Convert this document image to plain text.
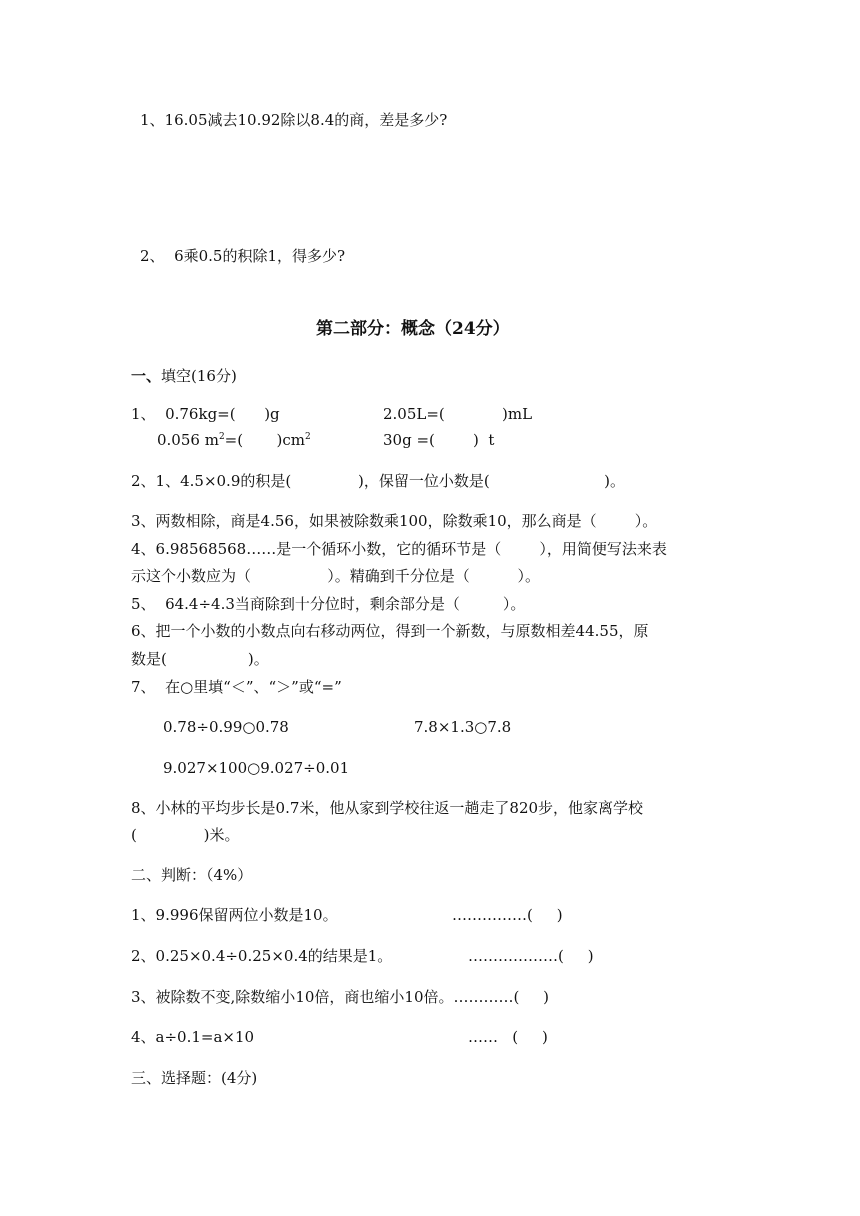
1、16.05减去10.92除以8.4的商，差是多少?
2、  6乘0.5的积除1，得多少?
第二部分：概念（24分）
一、填空(16分)
1、  0.76kg=(      )g	2.05L=(            )mL
0.056 $m^2=$(       )$cm^2$	30g =(        )  t
2、1、4.5×0.9的积是(              )，保留一位小数是(                        )。
3、两数相除，商是4.56，如果被除数乘100，除数乘10，那么商是（        ）。
4、6.98568568……是一个循环小数，它的循环节是（        ），用简便写法来表
示这个小数应为（                ）。精确到千分位是（          ）。
5、  64.4÷4.3当商除到十分位时，剩余部分是（         ）。
6、把一个小数的小数点向右移动两位，得到一个新数，与原数相差44.55，原
数是(                 )。
7、  在○里填“＜”、“＞”或“=”
0.78÷0.99○0.78	7.8×1.3○7.8
9.027×100○9.027÷0.01
8、小林的平均步长是0.7米，他从家到学校往返一趟走了820步，他家离学校
(              )米。
二、判断：（4%）
1、9.996保留两位小数是10。	……………(     )
2、0.25×0.4÷0.25×0.4的结果是1。	………………(     )
3、被除数不变,除数缩小10倍，商也缩小10倍。…………(     )
4、a÷0.1=a×10	……   (     )
三、选择题：(4分)
